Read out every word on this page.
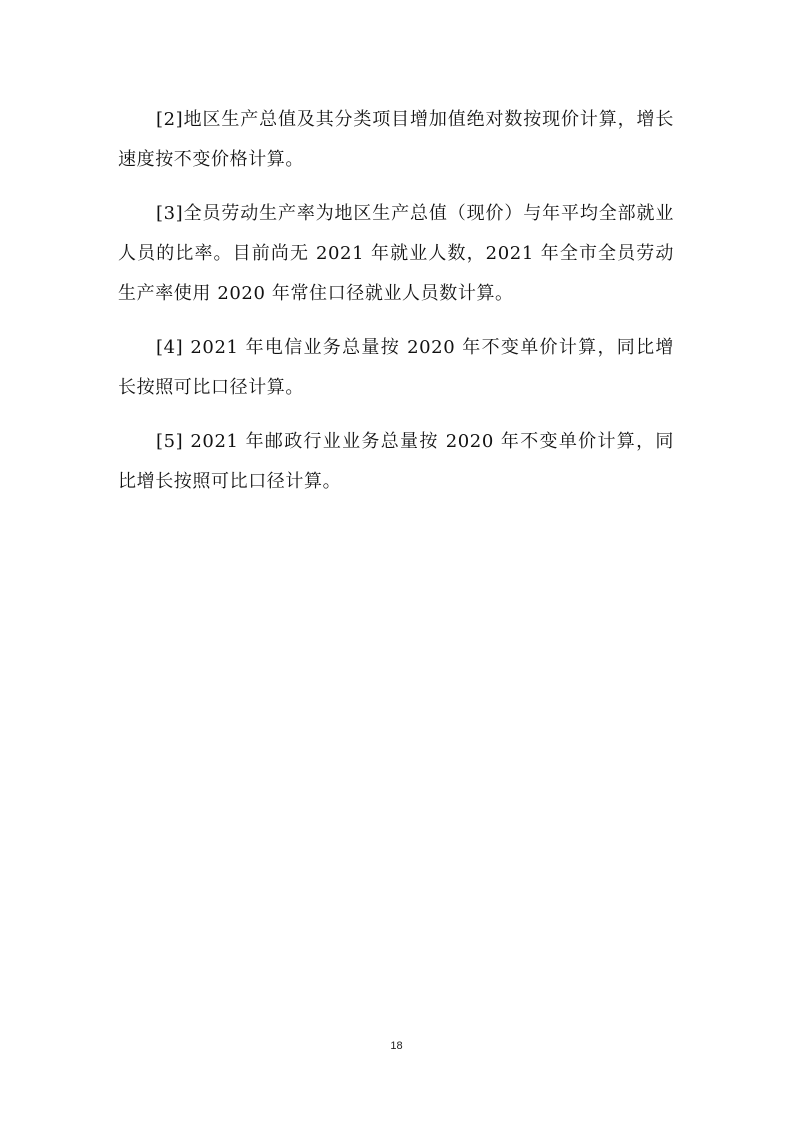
[2]地区生产总值及其分类项目增加值绝对数按现价计算，增长速度按不变价格计算。

[3]全员劳动生产率为地区生产总值（现价）与年平均全部就业人员的比率。目前尚无 2021 年就业人数，2021 年全市全员劳动生产率使用 2020 年常住口径就业人员数计算。

[4] 2021 年电信业务总量按 2020 年不变单价计算，同比增长按照可比口径计算。

[5] 2021 年邮政行业业务总量按 2020 年不变单价计算，同比增长按照可比口径计算。

18
